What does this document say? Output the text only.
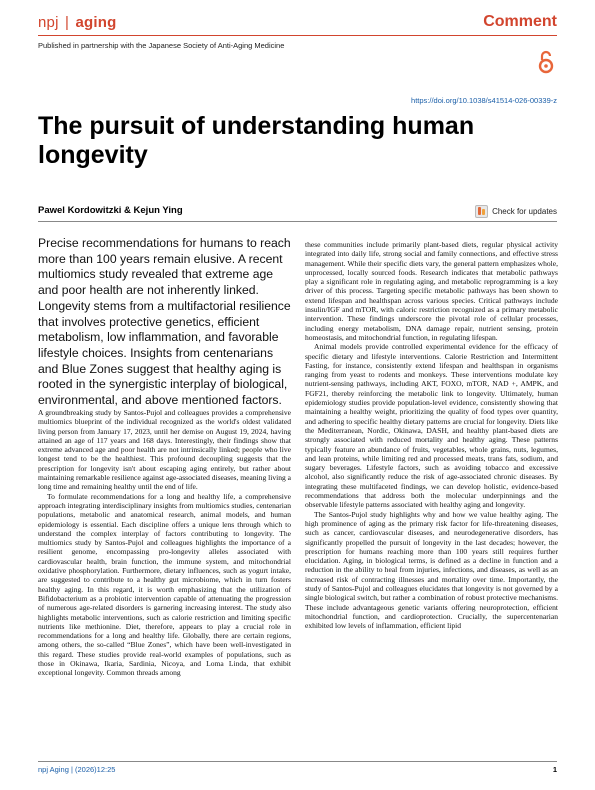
npj | aging	Comment
Published in partnership with the Japanese Society of Anti-Aging Medicine
https://doi.org/10.1038/s41514-026-00339-z
The pursuit of understanding human longevity
Pawel Kordowitzki & Kejun Ying	Check for updates
Precise recommendations for humans to reach more than 100 years remain elusive. A recent multiomics study revealed that extreme age and poor health are not inherently linked. Longevity stems from a multifactorial resilience that involves protective genetics, efficient metabolism, low inflammation, and favorable lifestyle choices. Insights from centenarians and Blue Zones suggest that healthy aging is rooted in the synergistic interplay of biological, environmental, and above mentioned factors.

A groundbreaking study by Santos-Pujol and colleagues provides a comprehensive multiomics blueprint of the individual recognized as the world's oldest validated living person from January 17, 2023, until her demise on August 19, 2024, having attained an age of 117 years and 168 days. Interestingly, their findings show that extreme advanced age and poor health are not intrinsically linked; people who live longest tend to be the healthiest. This profound decoupling suggests that the prescription for longevity isn't about escaping aging entirely, but rather about maintaining remarkable resilience against age-associated diseases, meaning living a long time and remaining healthy until the end of life.

To formulate recommendations for a long and healthy life, a comprehensive approach integrating interdisciplinary insights from multiomics studies, centenarian populations, metabolic and anatomical research, animal models, and human epidemiology is essential. Each discipline offers a unique lens through which to understand the complex interplay of factors contributing to longevity. The multiomics study by Santos-Pujol and colleagues highlights the importance of a resilient genome, encompassing pro-longevity alleles associated with cardiovascular health, brain function, the immune system, and mitochondrial oxidative phosphorylation. Furthermore, dietary influences, such as yogurt intake, are suggested to contribute to a healthy gut microbiome, which in turn fosters healthy aging. In this regard, it is worth emphasizing that the utilization of Bifidobacterium as a probiotic intervention capable of attenuating the progression of numerous age-related disorders is garnering increasing interest. The study also highlights metabolic interventions, such as calorie restriction and limiting specific nutrients like methionine. Diet, therefore, appears to play a crucial role in recommendations for a long and healthy life. Globally, there are certain regions, among others, the so-called “Blue Zones”, which have been well-investigated in this regard. These studies provide real-world examples of populations, such as those in Okinawa, Ikaria, Sardinia, Nicoya, and Loma Linda, that exhibit exceptional longevity. Common threads among

these communities include primarily plant-based diets, regular physical activity integrated into daily life, strong social and family connections, and effective stress management. While their specific diets vary, the general pattern emphasizes whole, unprocessed, locally sourced foods. Research indicates that metabolic pathways play a significant role in regulating aging, and metabolic reprogramming is a key driver of this process. Targeting specific metabolic pathways has been shown to extend lifespan and healthspan across various species. Critical pathways include insulin/IGF and mTOR, with caloric restriction recognized as a primary metabolic intervention. These findings underscore the pivotal role of cellular processes, including energy metabolism, DNA damage repair, nutrient sensing, protein homeostasis, and mitochondrial function, in regulating lifespan.

Animal models provide controlled experimental evidence for the efficacy of specific dietary and lifestyle interventions. Calorie Restriction and Intermittent Fasting, for instance, consistently extend lifespan and healthspan in organisms ranging from yeast to rodents and monkeys. These interventions modulate key nutrient-sensing pathways, including AKT, FOXO, mTOR, NAD +, AMPK, and FGF21, thereby reinforcing the metabolic link to longevity. Ultimately, human epidemiology studies provide population-level evidence, consistently showing that maintaining a healthy weight, prioritizing the quality of food types over quantity, and adhering to specific healthy dietary patterns are crucial for longevity. Diets like the Mediterranean, Nordic, Okinawa, DASH, and healthy plant-based diets are strongly associated with reduced mortality and healthy aging. These patterns typically feature an abundance of fruits, vegetables, whole grains, nuts, legumes, and lean proteins, while limiting red and processed meats, trans fats, sodium, and sugary beverages. Lifestyle factors, such as avoiding tobacco and excessive alcohol, also significantly reduce the risk of age-associated chronic diseases. By integrating these multifaceted findings, we can develop holistic, evidence-based recommendations that address both the molecular underpinnings and the observable lifestyle patterns associated with healthy aging and longevity.

The Santos-Pujol study highlights why and how we value healthy aging. The high prominence of aging as the primary risk factor for life-threatening diseases, such as cancer, cardiovascular diseases, and neurodegenerative disorders, has significantly propelled the pursuit of longevity in the last decades; however, the prescription for humans reaching more than 100 years still requires further elucidation. Aging, in biological terms, is defined as a decline in function and a reduction in the ability to heal from injuries, infections, and diseases, as well as an increased risk of contracting illnesses and mortality over time. Importantly, the study of Santos-Pujol and colleagues elucidates that longevity is not governed by a single biological switch, but rather a combination of robust protective mechanisms. These include advantageous genetic variants offering neuroprotection, efficient mitochondrial function, and cardioprotection. Crucially, the supercentenarian exhibited low levels of inflammation, efficient lipid

npj Aging | (2026)12:25	1
